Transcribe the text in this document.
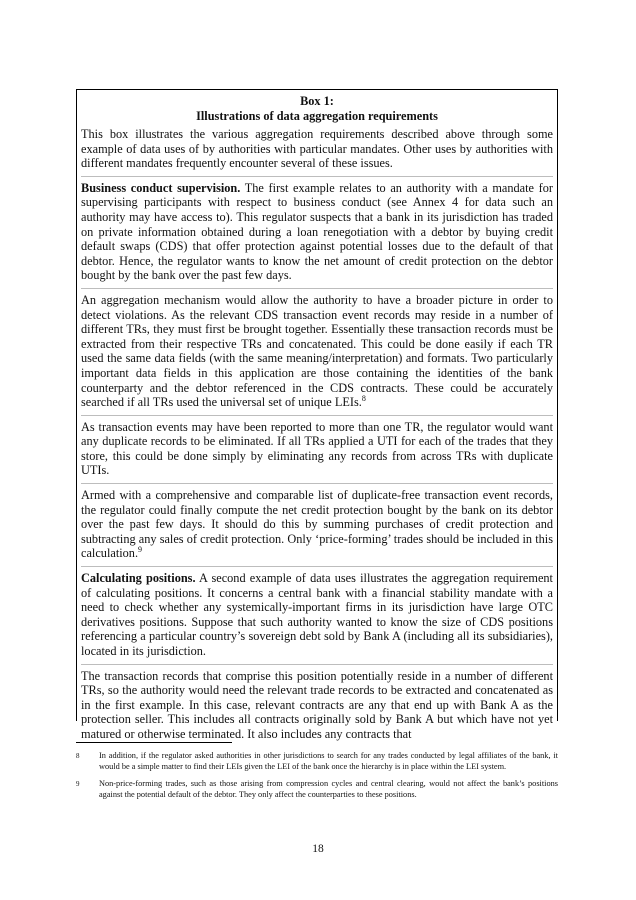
Box 1:

Illustrations of data aggregation requirements

This box illustrates the various aggregation requirements described above through some example of data uses of by authorities with particular mandates. Other uses by authorities with different mandates frequently encounter several of these issues.

Business conduct supervision. The first example relates to an authority with a mandate for supervising participants with respect to business conduct (see Annex 4 for data such an authority may have access to). This regulator suspects that a bank in its jurisdiction has traded on private information obtained during a loan renegotiation with a debtor by buying credit default swaps (CDS) that offer protection against potential losses due to the default of that debtor. Hence, the regulator wants to know the net amount of credit protection on the debtor bought by the bank over the past few days.

An aggregation mechanism would allow the authority to have a broader picture in order to detect violations. As the relevant CDS transaction event records may reside in a number of different TRs, they must first be brought together. Essentially these transaction records must be extracted from their respective TRs and concatenated. This could be done easily if each TR used the same data fields (with the same meaning/interpretation) and formats. Two particularly important data fields in this application are those containing the identities of the bank counterparty and the debtor referenced in the CDS contracts. These could be accurately searched if all TRs used the universal set of unique LEIs.$^8$

As transaction events may have been reported to more than one TR, the regulator would want any duplicate records to be eliminated. If all TRs applied a UTI for each of the trades that they store, this could be done simply by eliminating any records from across TRs with duplicate UTIs.

Armed with a comprehensive and comparable list of duplicate-free transaction event records, the regulator could finally compute the net credit protection bought by the bank on its debtor over the past few days. It should do this by summing purchases of credit protection and subtracting any sales of credit protection. Only ‘price-forming’ trades should be included in this calculation.$^9$

Calculating positions. A second example of data uses illustrates the aggregation requirement of calculating positions. It concerns a central bank with a financial stability mandate with a need to check whether any systemically-important firms in its jurisdiction have large OTC derivatives positions. Suppose that such authority wanted to know the size of CDS positions referencing a particular country’s sovereign debt sold by Bank A (including all its subsidiaries), located in its jurisdiction.

The transaction records that comprise this position potentially reside in a number of different TRs, so the authority would need the relevant trade records to be extracted and concatenated as in the first example. In this case, relevant contracts are any that end up with Bank A as the protection seller. This includes all contracts originally sold by Bank A but which have not yet matured or otherwise terminated. It also includes any contracts that

8	In addition, if the regulator asked authorities in other jurisdictions to search for any trades conducted by legal affiliates of the bank, it would be a simple matter to find their LEIs given the LEI of the bank once the hierarchy is in place within the LEI system.
9	Non-price-forming trades, such as those arising from compression cycles and central clearing, would not affect the bank’s positions against the potential default of the debtor. They only affect the counterparties to these positions.
18
